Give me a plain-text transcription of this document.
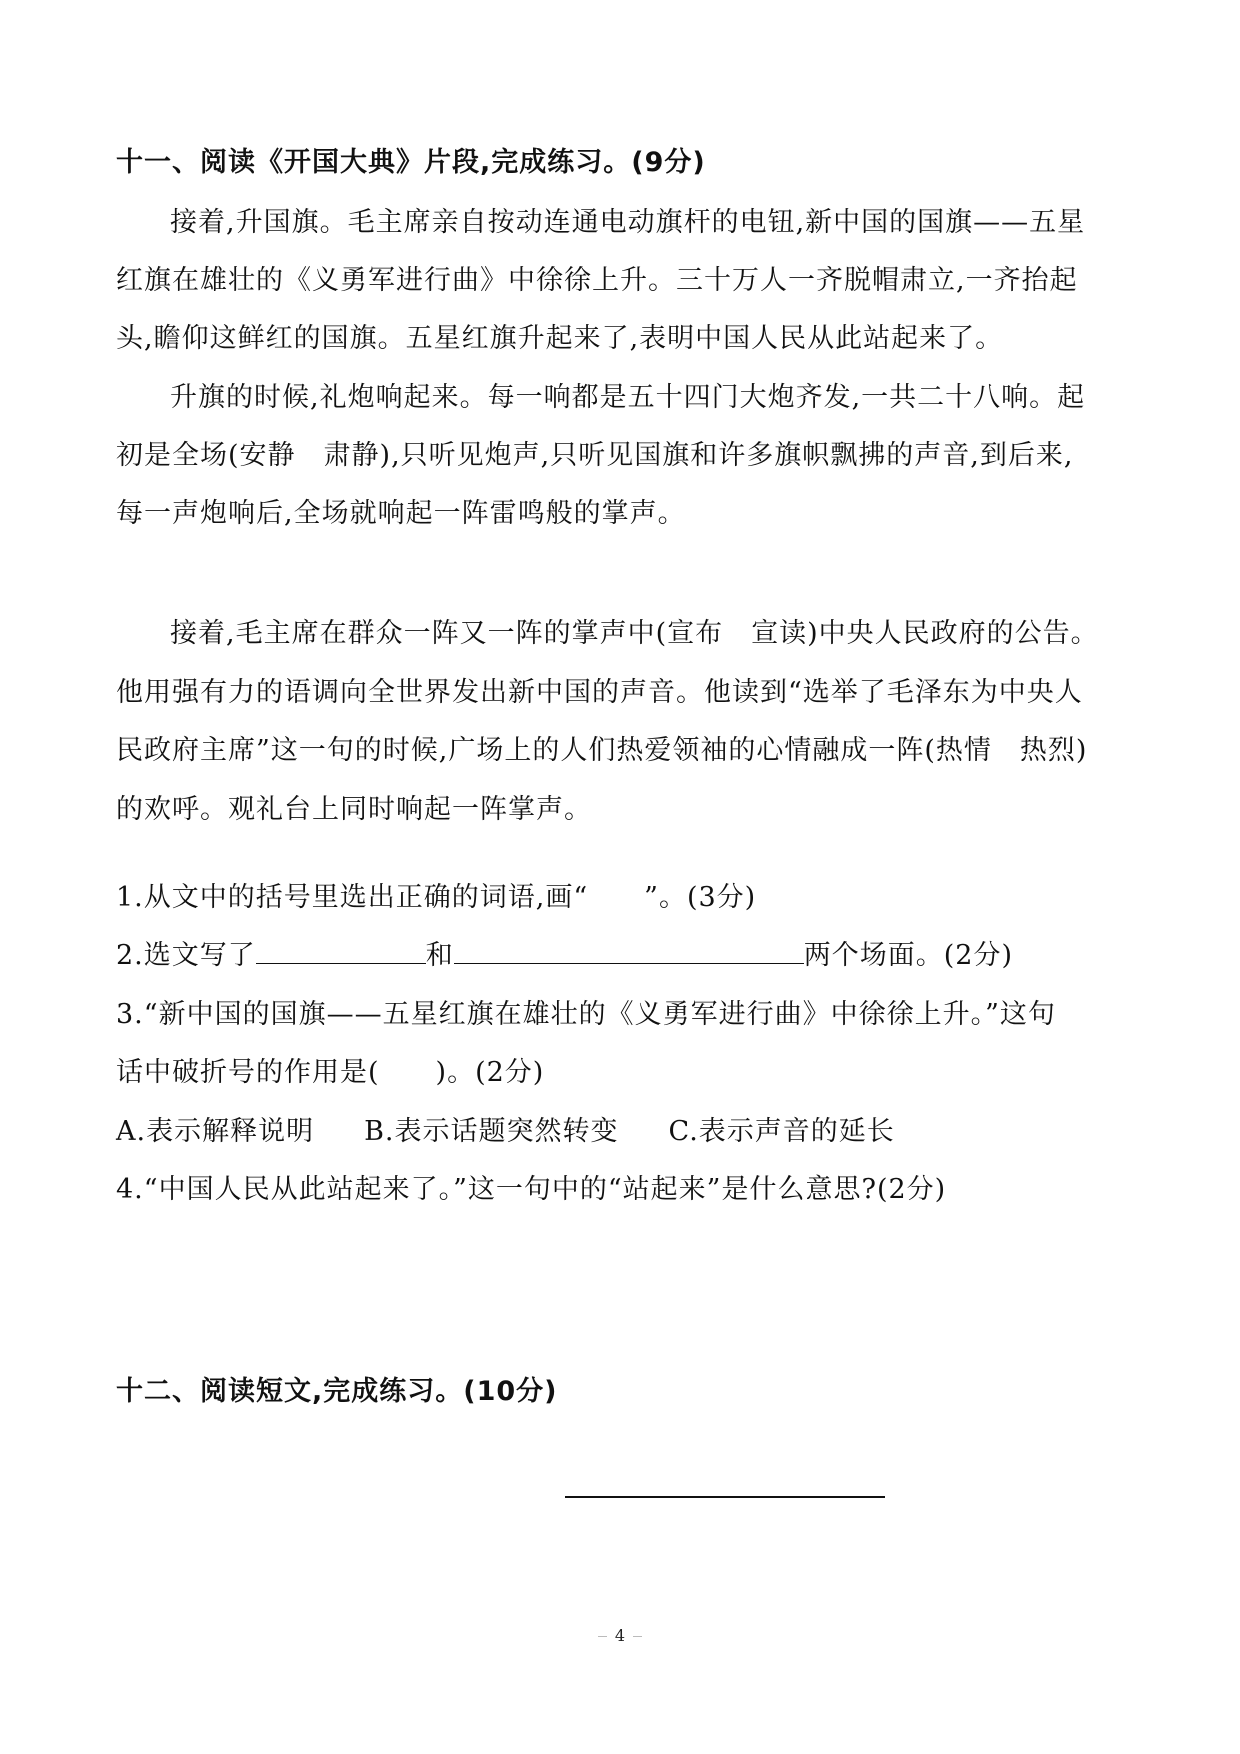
十一、阅读《开国大典》片段,完成练习。(9分)
接着,升国旗。毛主席亲自按动连通电动旗杆的电钮,新中国的国旗——五星
红旗在雄壮的《义勇军进行曲》中徐徐上升。三十万人一齐脱帽肃立,一齐抬起
头,瞻仰这鲜红的国旗。五星红旗升起来了,表明中国人民从此站起来了。
升旗的时候,礼炮响起来。每一响都是五十四门大炮齐发,一共二十八响。起
初是全场(安静　肃静),只听见炮声,只听见国旗和许多旗帜飘拂的声音,到后来,
每一声炮响后,全场就响起一阵雷鸣般的掌声。
接着,毛主席在群众一阵又一阵的掌声中(宣布　宣读)中央人民政府的公告。
他用强有力的语调向全世界发出新中国的声音。他读到“选举了毛泽东为中央人
民政府主席”这一句的时候,广场上的人们热爱领袖的心情融成一阵(热情　热烈)
的欢呼。观礼台上同时响起一阵掌声。
1.从文中的括号里选出正确的词语,画“　　”。(3分)
2.选文写了	和	两个场面。(2分)
3.“新中国的国旗——五星红旗在雄壮的《义勇军进行曲》中徐徐上升。”这句
话中破折号的作用是(　　)。(2分)
A.表示解释说明 B.表示话题突然转变 C.表示声音的延长
4.“中国人民从此站起来了。”这一句中的“站起来”是什么意思?(2分)
十二、阅读短文,完成练习。(10分)
4
